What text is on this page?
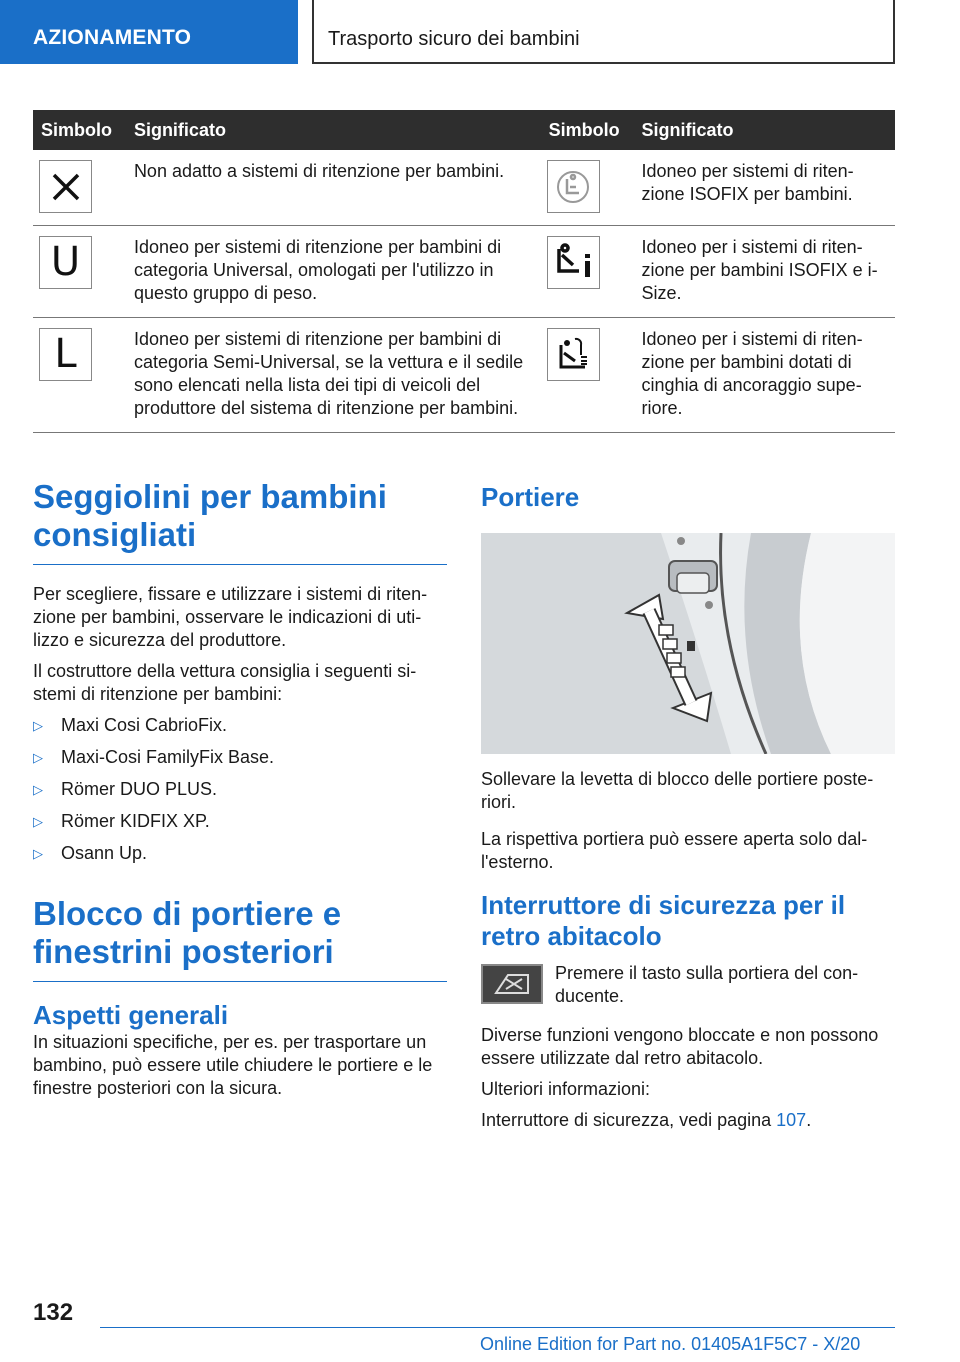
AZIONAMENTO	Trasporto sicuro dei bambini
Simbolo	Significato	Simbolo	Significato

	Non adatto a sistemi di ritenzione per bambini.		Idoneo per sistemi di ritenzione ISOFIX per bambini.

U	Idoneo per sistemi di ritenzione per bambini di categoria Universal, omologati per l'utilizzo in questo gruppo di peso.		Idoneo per i sistemi di ritenzione per bambini ISOFIX e i-Size.

L	Idoneo per sistemi di ritenzione per bambini di categoria Semi-Universal, se la vettura e il sedile sono elencati nella lista dei tipi di veicoli del produttore del sistema di ritenzione per bambini.		Idoneo per i sistemi di ritenzione per bambini dotati di cinghia di ancoraggio superiore.
Seggiolini per bambini consigliati

Per scegliere, fissare e utilizzare i sistemi di ritenzione per bambini, osservare le indicazioni di utilizzo e sicurezza del produttore.

Il costruttore della vettura consiglia i seguenti sistemi di ritenzione per bambini:

▷ Maxi Cosi CabrioFix.
▷ Maxi-Cosi FamilyFix Base.
▷ Römer DUO PLUS.
▷ Römer KIDFIX XP.
▷ Osann Up.
Blocco di portiere e finestrini posteriori
Aspetti generali

In situazioni specifiche, per es. per trasportare un bambino, può essere utile chiudere le portiere e le finestre posteriori con la sicura.

Portiere

Sollevare la levetta di blocco delle portiere posteriori.

La rispettiva portiera può essere aperta solo dall'esterno.

Interruttore di sicurezza per il retro abitacolo

Premere il tasto sulla portiera del conducente.

Diverse funzioni vengono bloccate e non possono essere utilizzate dal retro abitacolo.

Ulteriori informazioni:

Interruttore di sicurezza, vedi pagina 107.

132
Online Edition for Part no. 01405A1F5C7 - X/20
